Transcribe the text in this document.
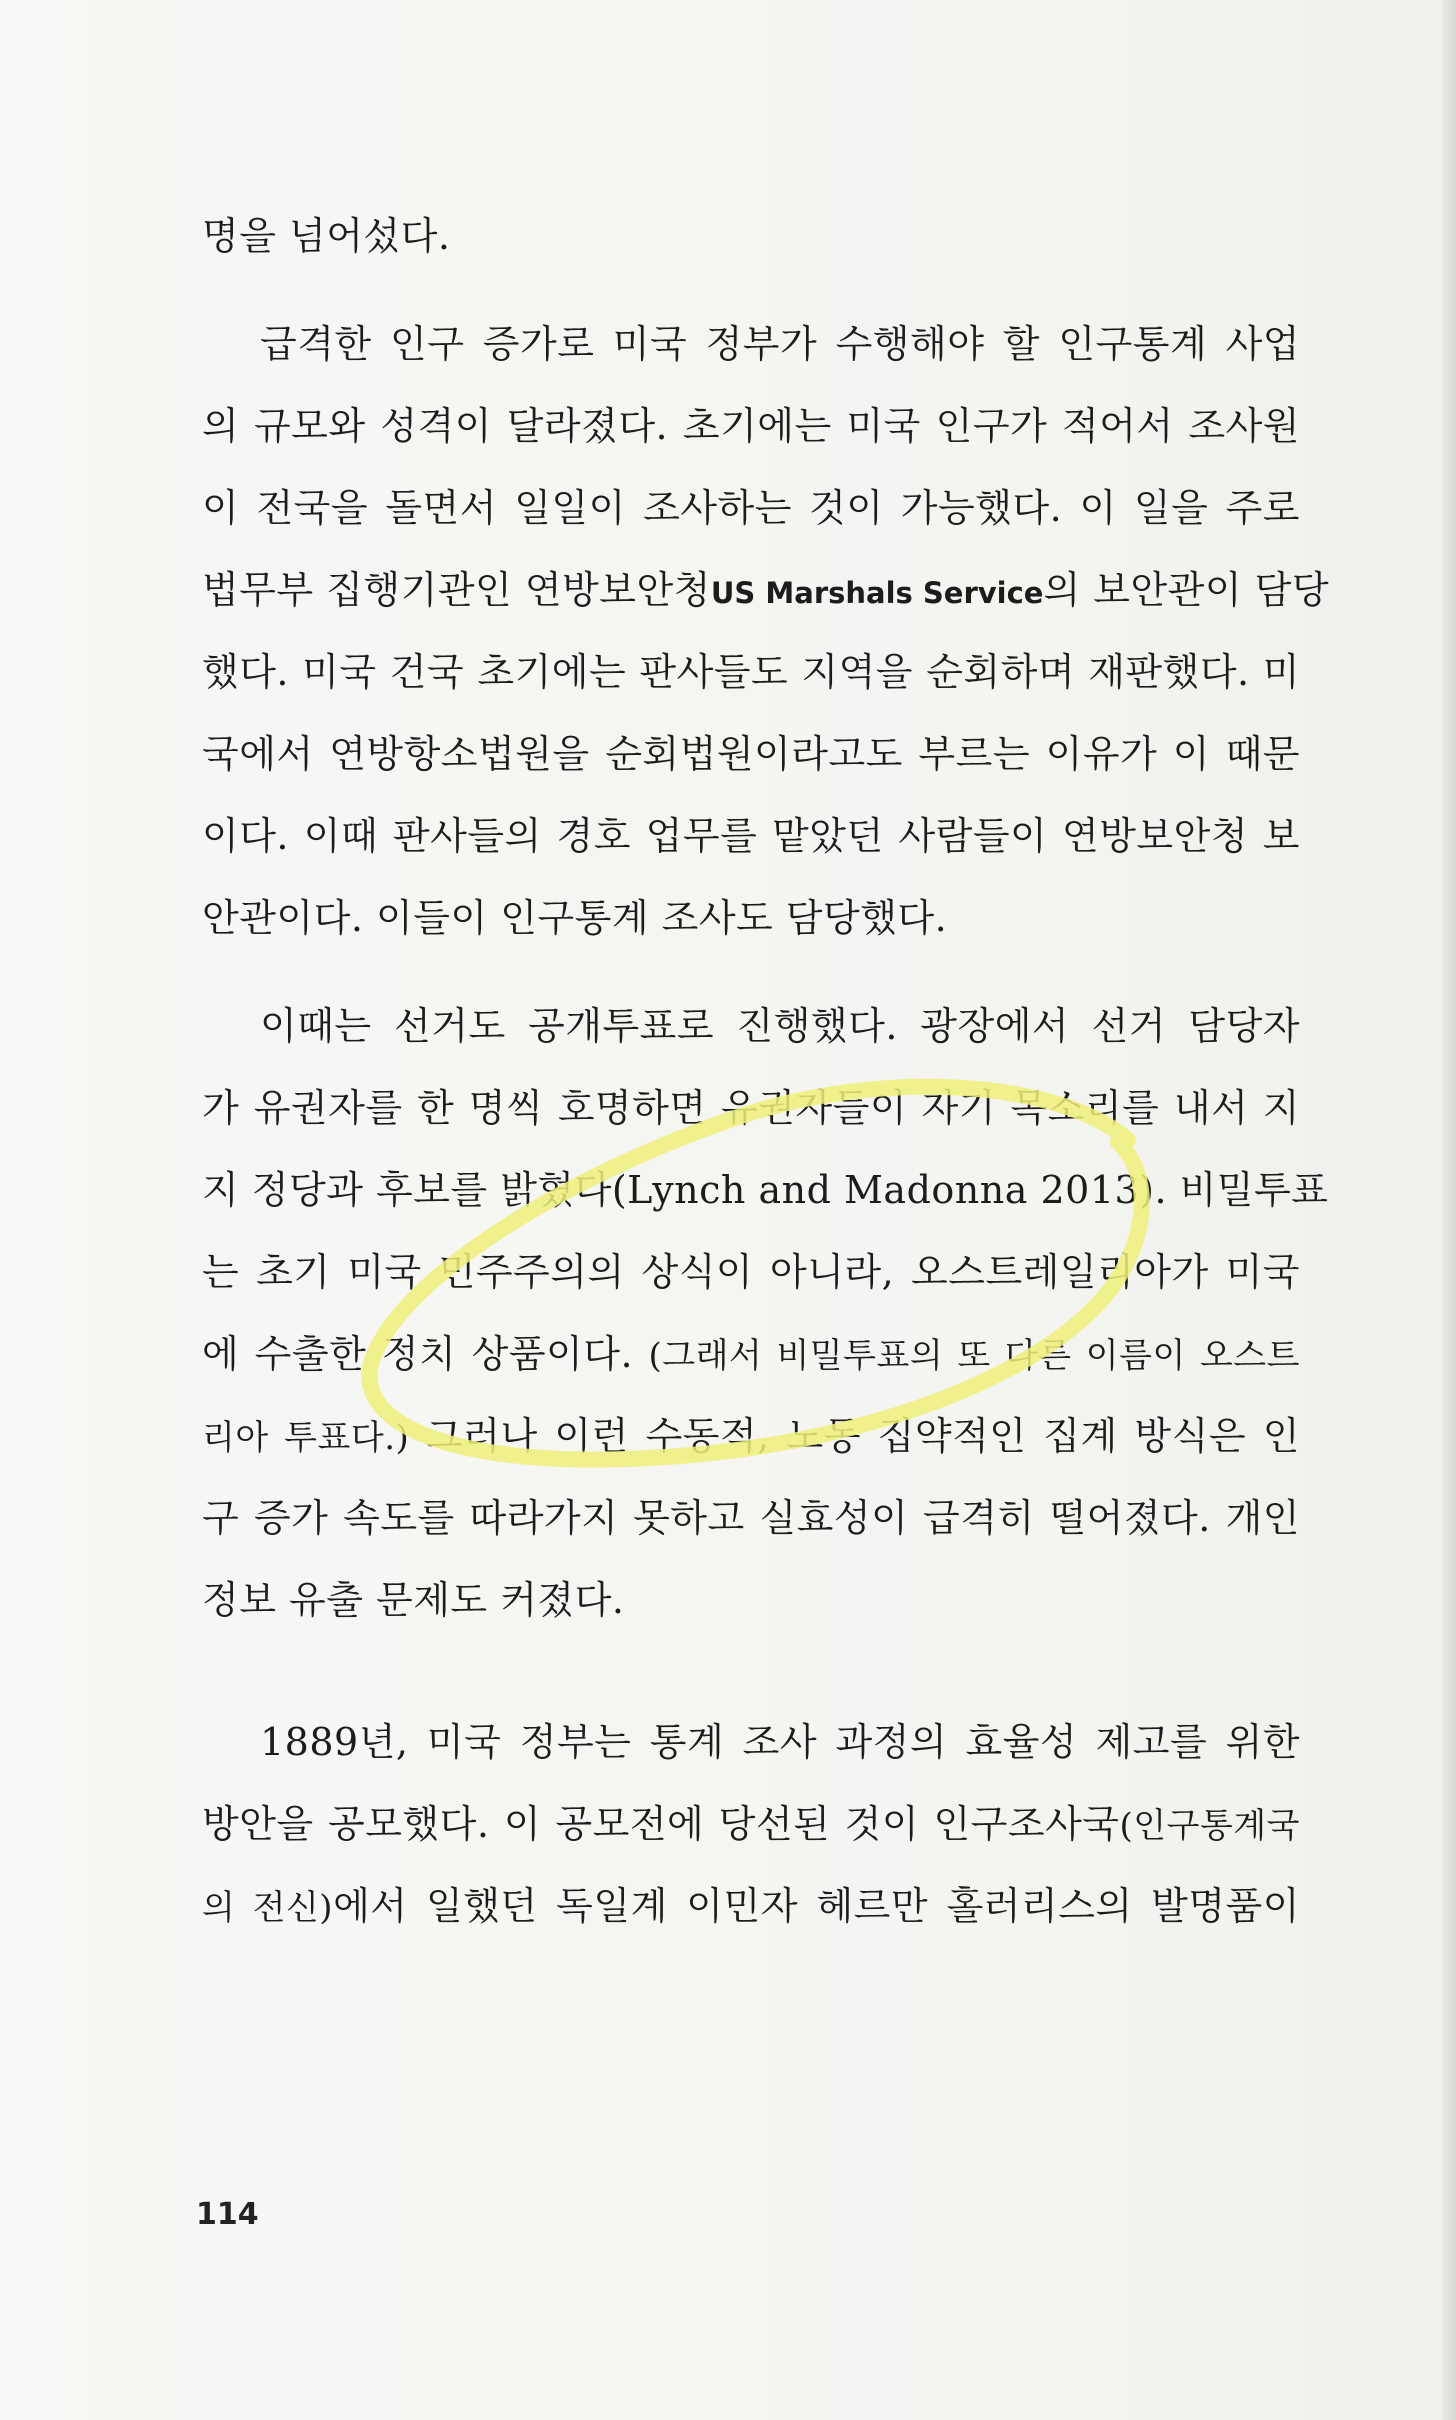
명을 넘어섰다.
급격한 인구 증가로 미국 정부가 수행해야 할 인구통계 사업
의 규모와 성격이 달라졌다. 초기에는 미국 인구가 적어서 조사원
이 전국을 돌면서 일일이 조사하는 것이 가능했다. 이 일을 주로
법무부 집행기관인 연방보안청US Marshals Service의 보안관이 담당
했다. 미국 건국 초기에는 판사들도 지역을 순회하며 재판했다. 미
국에서 연방항소법원을 순회법원이라고도 부르는 이유가 이 때문
이다. 이때 판사들의 경호 업무를 맡았던 사람들이 연방보안청 보
안관이다. 이들이 인구통계 조사도 담당했다.
이때는 선거도 공개투표로 진행했다. 광장에서 선거 담당자
가 유권자를 한 명씩 호명하면 유권자들이 자기 목소리를 내서 지
지 정당과 후보를 밝혔다(Lynch and Madonna 2013). 비밀투표
는 초기 미국 민주주의의 상식이 아니라, 오스트레일리아가 미국
에 수출한 정치 상품이다. (그래서 비밀투표의 또 다른 이름이 오스트
리아 투표다.) 그러나 이런 수동적, 노동 집약적인 집계 방식은 인
구 증가 속도를 따라가지 못하고 실효성이 급격히 떨어졌다. 개인
정보 유출 문제도 커졌다.
1889년, 미국 정부는 통계 조사 과정의 효율성 제고를 위한
방안을 공모했다. 이 공모전에 당선된 것이 인구조사국(인구통계국
의 전신)에서 일했던 독일계 이민자 헤르만 홀러리스의 발명품이
114
